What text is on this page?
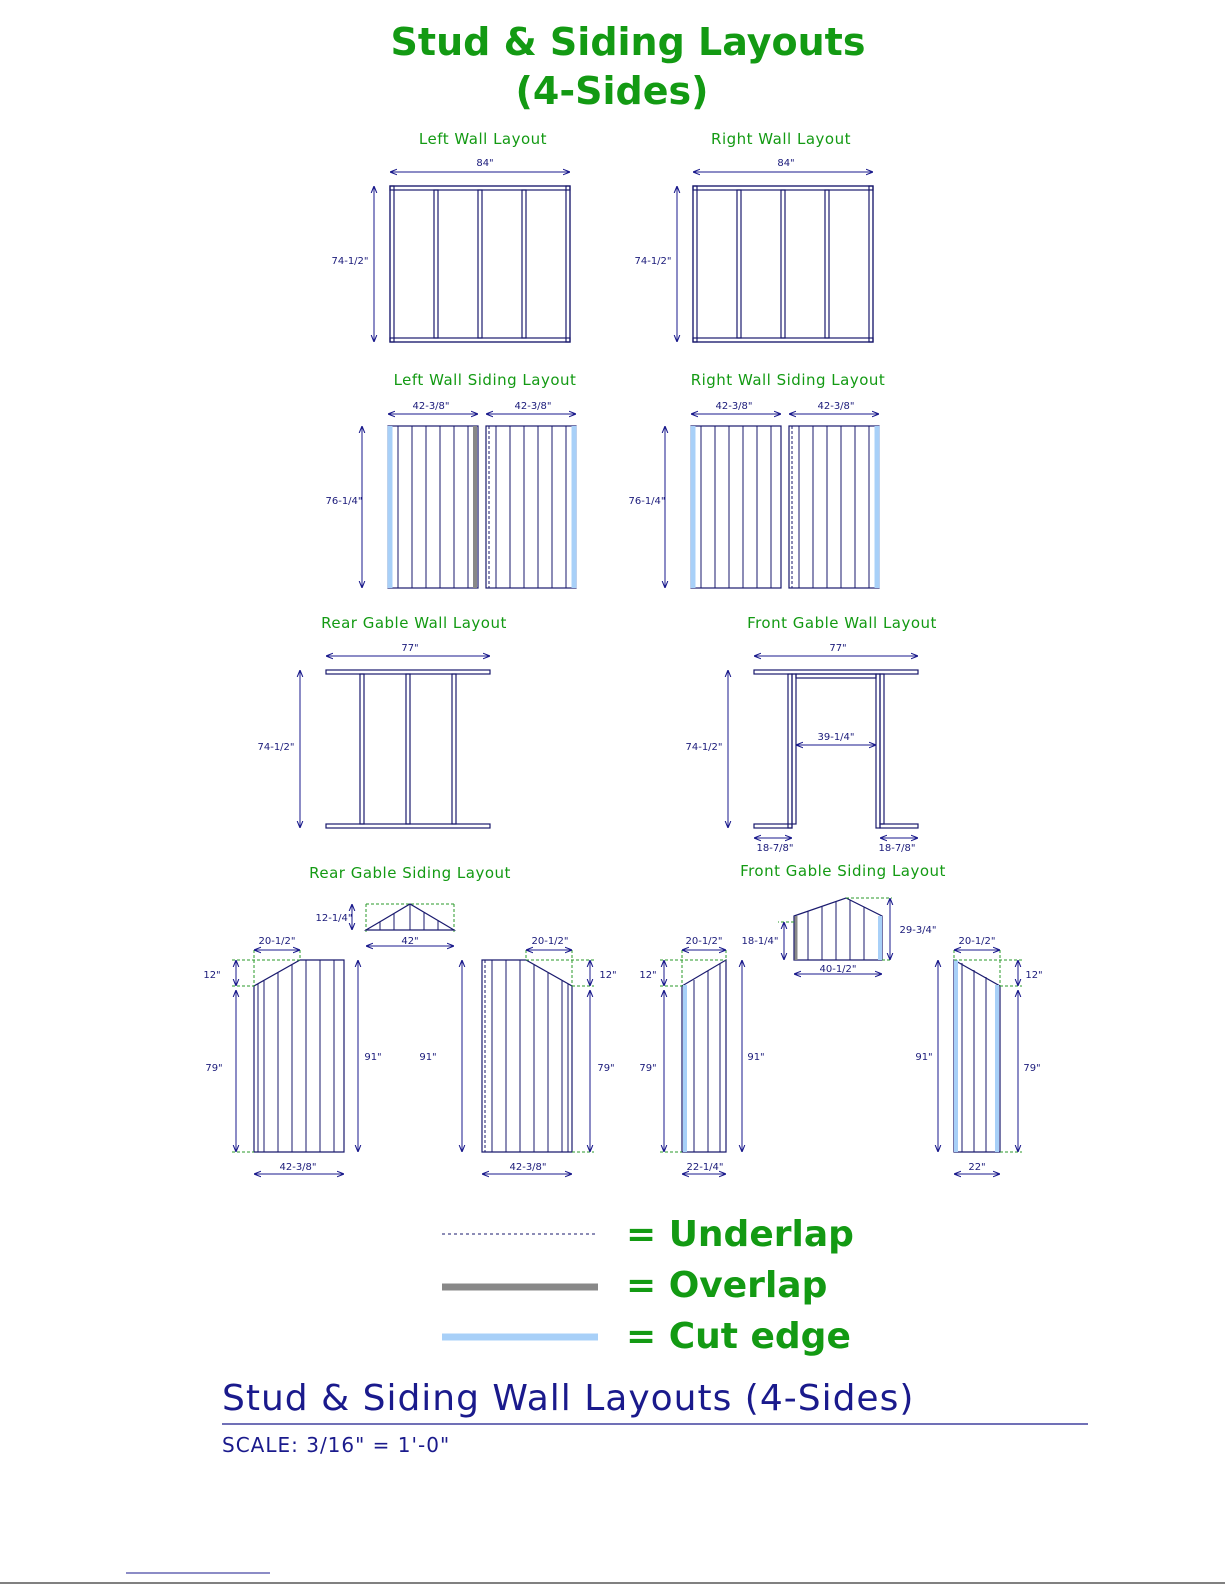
Stud & Siding Layouts
(4-Sides)
Left Wall Layout
84"
74-1/2"
Right Wall Layout
84"
74-1/2"
Left Wall Siding Layout
42-3/8"	42-3/8"
76-1/4"
Right Wall Siding Layout
42-3/8"	42-3/8"
76-1/4"
Rear Gable Wall Layout
77"
74-1/2"
Front Gable Wall Layout
77"
74-1/2"
39-1/4"
18-7/8"	18-7/8"
Rear Gable Siding Layout
12-1/4"
42"
20-1/2"
12"
79"
91"
42-3/8"
20-1/2"
12"
79"
91"
42-3/8"
Front Gable Siding Layout
18-1/4"
29-3/4"
40-1/2"
20-1/2"
12"
79"
91"
22-1/4"
20-1/2"
12"
79"
91"
22"
= Underlap
= Overlap
= Cut edge
Stud & Siding Wall Layouts (4-Sides)
SCALE: 3/16" = 1'-0"
